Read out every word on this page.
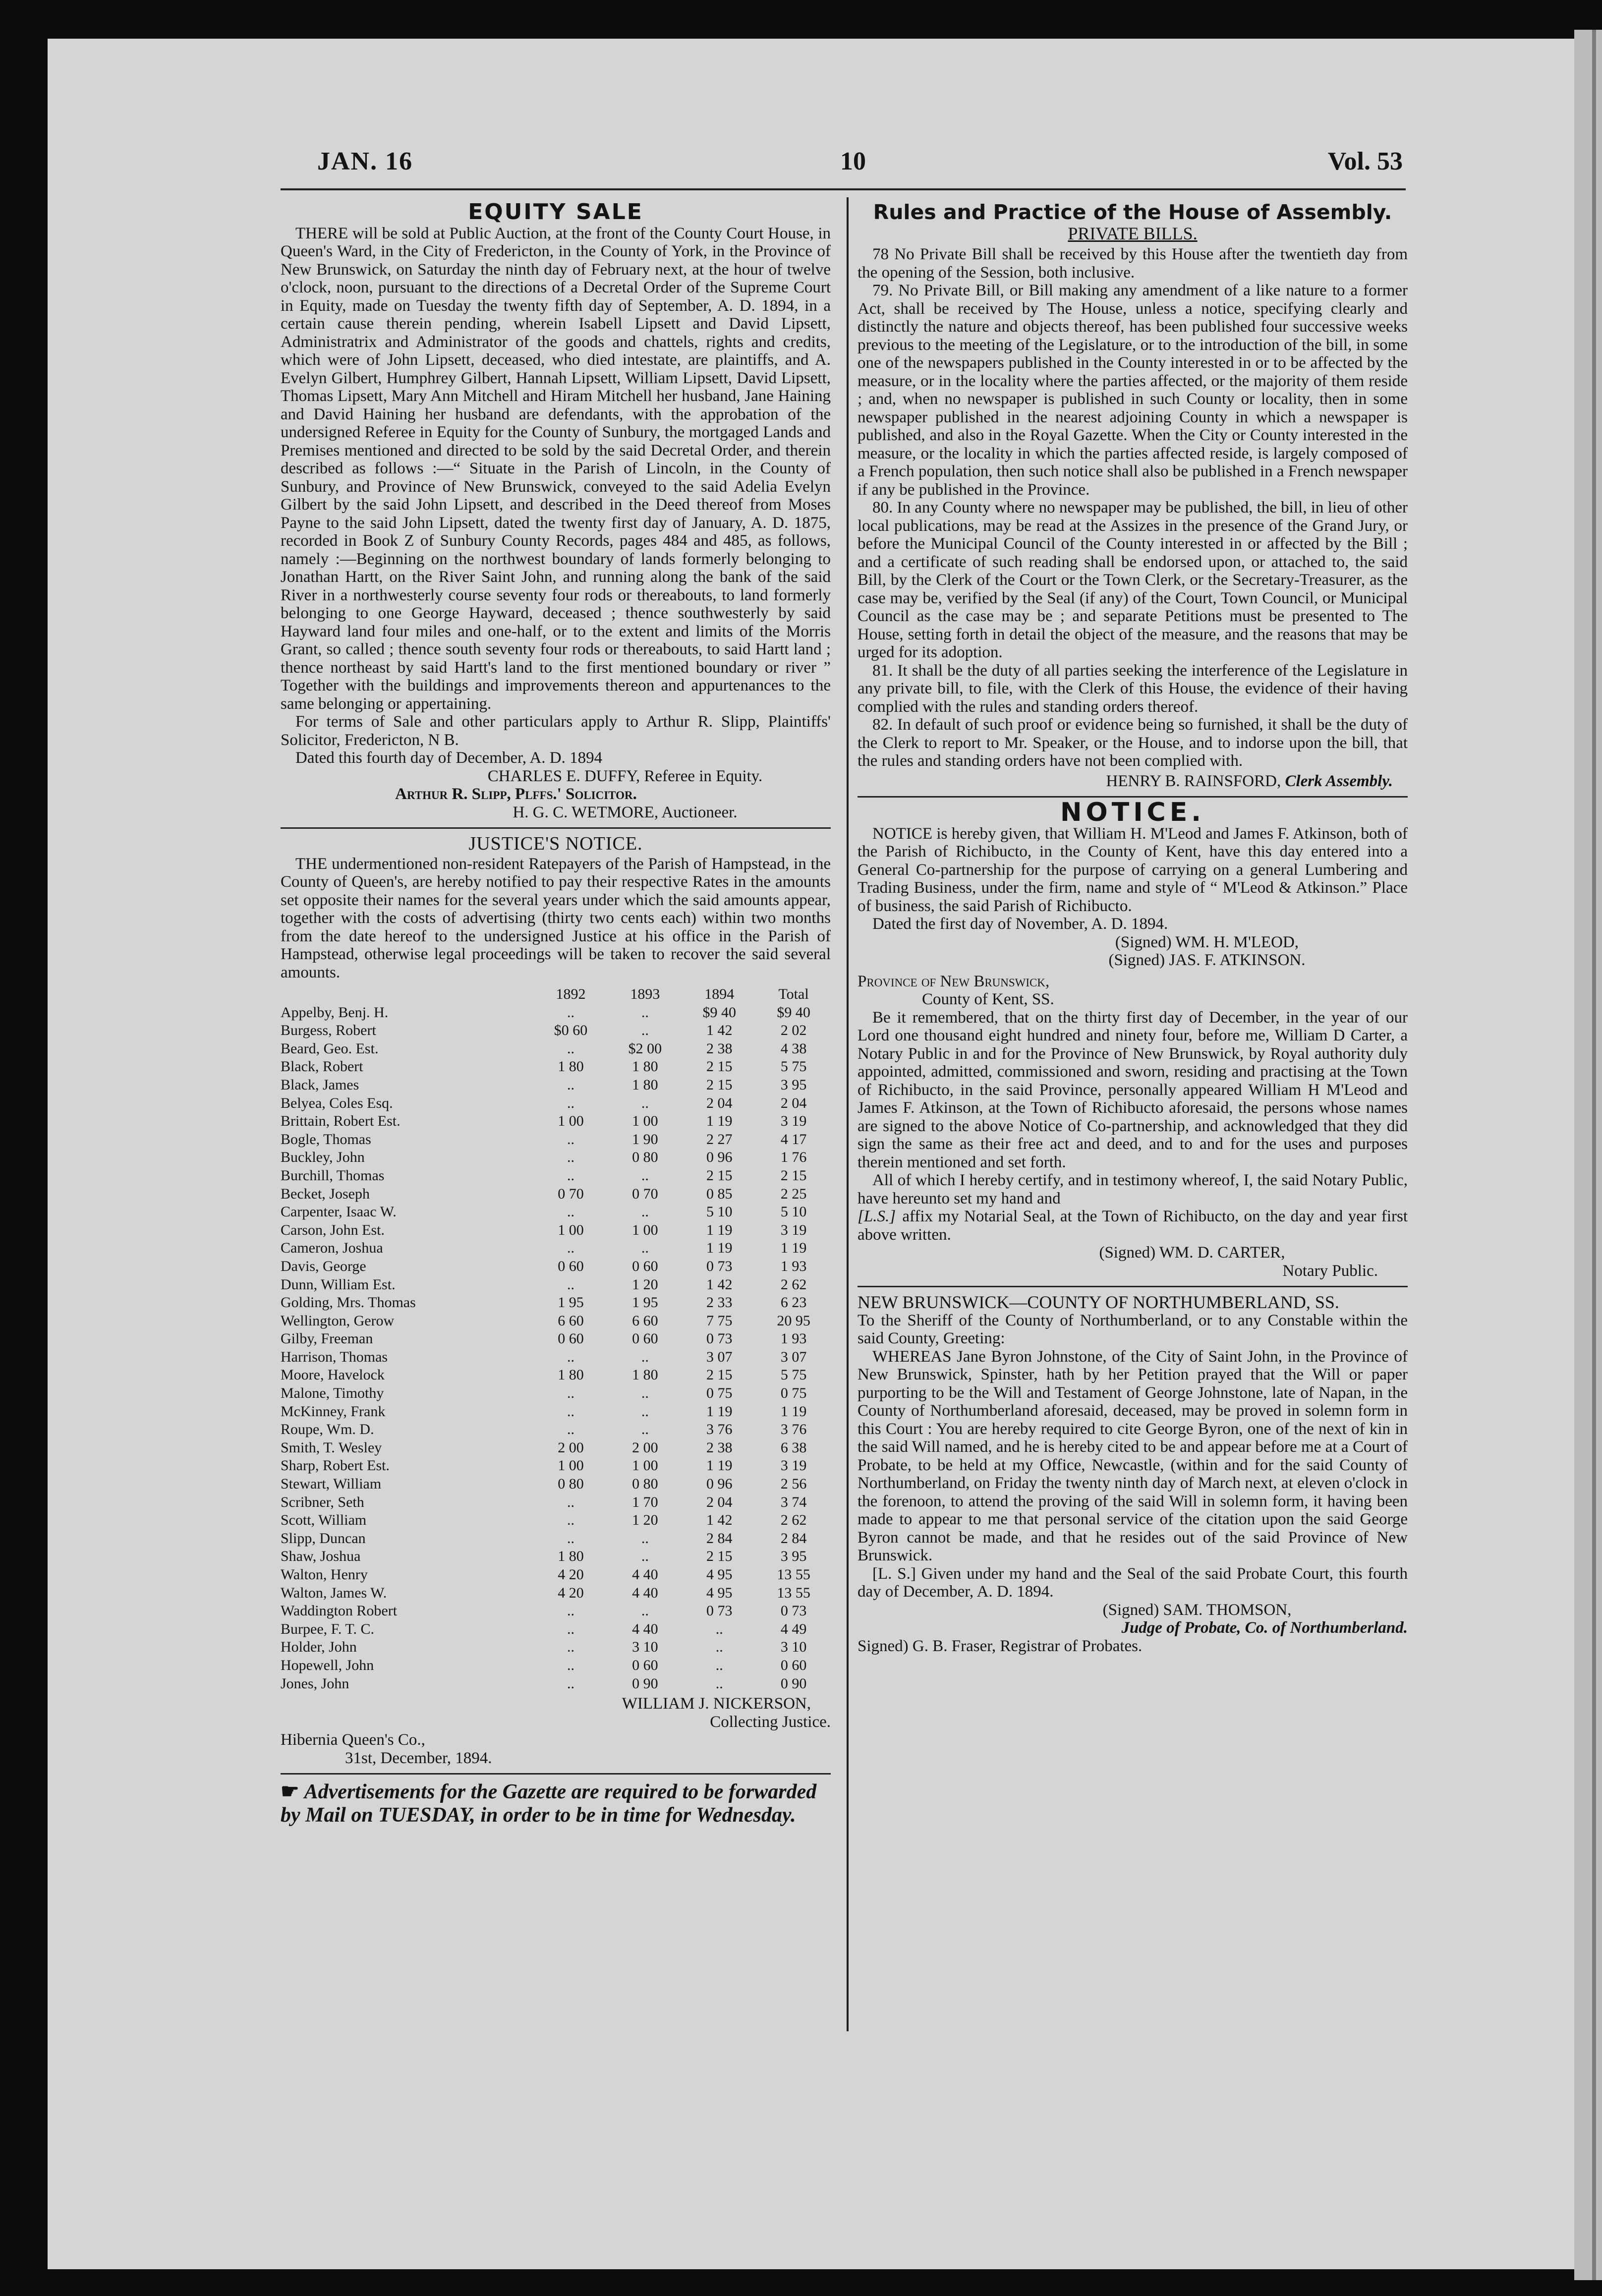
JAN. 16	10	Vol. 53
EQUITY SALE

THERE will be sold at Public Auction, at the front of the County Court House, in Queen's Ward, in the City of Fredericton, in the County of York, in the Province of New Brunswick, on Saturday the ninth day of February next, at the hour of twelve o'clock, noon, pursuant to the directions of a Decretal Order of the Supreme Court in Equity, made on Tuesday the twenty fifth day of September, A. D. 1894, in a certain cause therein pending, wherein Isabell Lipsett and David Lipsett, Administratrix and Administrator of the goods and chattels, rights and credits, which were of John Lipsett, deceased, who died intestate, are plaintiffs, and A. Evelyn Gilbert, Humphrey Gilbert, Hannah Lipsett, William Lipsett, David Lipsett, Thomas Lipsett, Mary Ann Mitchell and Hiram Mitchell her husband, Jane Haining and David Haining her husband are defendants, with the approbation of the undersigned Referee in Equity for the County of Sunbury, the mortgaged Lands and Premises mentioned and directed to be sold by the said Decretal Order, and therein described as follows :—“ Situate in the Parish of Lincoln, in the County of Sunbury, and Province of New Brunswick, conveyed to the said Adelia Evelyn Gilbert by the said John Lipsett, and described in the Deed thereof from Moses Payne to the said John Lipsett, dated the twenty first day of January, A. D. 1875, recorded in Book Z of Sunbury County Records, pages 484 and 485, as follows, namely :—Beginning on the northwest boundary of lands formerly belonging to Jonathan Hartt, on the River Saint John, and running along the bank of the said River in a northwesterly course seventy four rods or thereabouts, to land formerly belonging to one George Hayward, deceased ; thence southwesterly by said Hayward land four miles and one-half, or to the extent and limits of the Morris Grant, so called ; thence south seventy four rods or thereabouts, to said Hartt land ; thence northeast by said Hartt's land to the first mentioned boundary or river ” Together with the buildings and improvements thereon and appurtenances to the same belonging or appertaining.

For terms of Sale and other particulars apply to Arthur R. Slipp, Plaintiffs' Solicitor, Fredericton, N B.

Dated this fourth day of December, A. D. 1894

CHARLES E. DUFFY, Referee in Equity.

Arthur R. Slipp, Plffs.' Solicitor.

H. G. C. WETMORE, Auctioneer.

JUSTICE'S NOTICE.

THE undermentioned non-resident Ratepayers of the Parish of Hampstead, in the County of Queen's, are hereby notified to pay their respective Rates in the amounts set opposite their names for the several years under which the said amounts appear, together with the costs of advertising (thirty two cents each) within two months from the date hereof to the undersigned Justice at his office in the Parish of Hampstead, otherwise legal proceedings will be taken to recover the said several amounts.

	1892	1893	1894	Total
Appelby, Benj. H.	..	..	$9 40	$9 40
Burgess, Robert	$0 60	..	1 42	2 02
Beard, Geo. Est.	..	$2 00	2 38	4 38
Black, Robert	1 80	1 80	2 15	5 75
Black, James	..	1 80	2 15	3 95
Belyea, Coles Esq.	..	..	2 04	2 04
Brittain, Robert Est.	1 00	1 00	1 19	3 19
Bogle, Thomas	..	1 90	2 27	4 17
Buckley, John	..	0 80	0 96	1 76
Burchill, Thomas	..	..	2 15	2 15
Becket, Joseph	0 70	0 70	0 85	2 25
Carpenter, Isaac W.	..	..	5 10	5 10
Carson, John Est.	1 00	1 00	1 19	3 19
Cameron, Joshua	..	..	1 19	1 19
Davis, George	0 60	0 60	0 73	1 93
Dunn, William Est.	..	1 20	1 42	2 62
Golding, Mrs. Thomas	1 95	1 95	2 33	6 23
Wellington, Gerow	6 60	6 60	7 75	20 95
Gilby, Freeman	0 60	0 60	0 73	1 93
Harrison, Thomas	..	..	3 07	3 07
Moore, Havelock	1 80	1 80	2 15	5 75
Malone, Timothy	..	..	0 75	0 75
McKinney, Frank	..	..	1 19	1 19
Roupe, Wm. D.	..	..	3 76	3 76
Smith, T. Wesley	2 00	2 00	2 38	6 38
Sharp, Robert Est.	1 00	1 00	1 19	3 19
Stewart, William	0 80	0 80	0 96	2 56
Scribner, Seth	..	1 70	2 04	3 74
Scott, William	..	1 20	1 42	2 62
Slipp, Duncan	..	..	2 84	2 84
Shaw, Joshua	1 80	..	2 15	3 95
Walton, Henry	4 20	4 40	4 95	13 55
Walton, James W.	4 20	4 40	4 95	13 55
Waddington Robert	..	..	0 73	0 73
Burpee, F. T. C.	..	4 40	..	4 49
Holder, John	..	3 10	..	3 10
Hopewell, John	..	0 60	..	0 60
Jones, John	..	0 90	..	0 90

WILLIAM J. NICKERSON,

Collecting Justice.

Hibernia Queen's Co.,

31st, December, 1894.

☛ Advertisements for the Gazette are required to be forwarded by Mail on TUESDAY, in order to be in time for Wednesday.
Rules and Practice of the House of Assembly.
PRIVATE BILLS.

78 No Private Bill shall be received by this House after the twentieth day from the opening of the Session, both inclusive.

79. No Private Bill, or Bill making any amendment of a like nature to a former Act, shall be received by The House, unless a notice, specifying clearly and distinctly the nature and objects thereof, has been published four successive weeks previous to the meeting of the Legislature, or to the introduction of the bill, in some one of the newspapers published in the County interested in or to be affected by the measure, or in the locality where the parties affected, or the majority of them reside ; and, when no newspaper is published in such County or locality, then in some newspaper published in the nearest adjoining County in which a newspaper is published, and also in the Royal Gazette. When the City or County interested in the measure, or the locality in which the parties affected reside, is largely composed of a French population, then such notice shall also be published in a French newspaper if any be published in the Province.

80. In any County where no newspaper may be published, the bill, in lieu of other local publications, may be read at the Assizes in the presence of the Grand Jury, or before the Municipal Council of the County interested in or affected by the Bill ; and a certificate of such reading shall be endorsed upon, or attached to, the said Bill, by the Clerk of the Court or the Town Clerk, or the Secretary-Treasurer, as the case may be, verified by the Seal (if any) of the Court, Town Council, or Municipal Council as the case may be ; and separate Petitions must be presented to The House, setting forth in detail the object of the measure, and the reasons that may be urged for its adoption.

81. It shall be the duty of all parties seeking the interference of the Legislature in any private bill, to file, with the Clerk of this House, the evidence of their having complied with the rules and standing orders thereof.

82. In default of such proof or evidence being so furnished, it shall be the duty of the Clerk to report to Mr. Speaker, or the House, and to indorse upon the bill, that the rules and standing orders have not been complied with.

HENRY B. RAINSFORD, Clerk Assembly.

NOTICE.

NOTICE is hereby given, that William H. M'Leod and James F. Atkinson, both of the Parish of Richibucto, in the County of Kent, have this day entered into a General Co-partnership for the purpose of carrying on a general Lumbering and Trading Business, under the firm, name and style of “ M'Leod & Atkinson.” Place of business, the said Parish of Richibucto.

Dated the first day of November, A. D. 1894.

(Signed) WM. H. M'LEOD,

(Signed) JAS. F. ATKINSON.

Province of New Brunswick,

County of Kent, SS.

Be it remembered, that on the thirty first day of December, in the year of our Lord one thousand eight hundred and ninety four, before me, William D Carter, a Notary Public in and for the Province of New Brunswick, by Royal authority duly appointed, admitted, commissioned and sworn, residing and practising at the Town of Richibucto, in the said Province, personally appeared William H M'Leod and James F. Atkinson, at the Town of Richibucto aforesaid, the persons whose names are signed to the above Notice of Co-partnership, and acknowledged that they did sign the same as their free act and deed, and to and for the uses and purposes therein mentioned and set forth.

All of which I hereby certify, and in testimony whereof, I, the said Notary Public, have hereunto set my hand and

[L.S.] affix my Notarial Seal, at the Town of Richibucto, on the day and year first above written.

(Signed) WM. D. CARTER,

Notary Public.

NEW BRUNSWICK—COUNTY OF NORTHUMBERLAND, SS.

To the Sheriff of the County of Northumberland, or to any Constable within the said County, Greeting:

WHEREAS Jane Byron Johnstone, of the City of Saint John, in the Province of New Brunswick, Spinster, hath by her Petition prayed that the Will or paper purporting to be the Will and Testament of George Johnstone, late of Napan, in the County of Northumberland aforesaid, deceased, may be proved in solemn form in this Court : You are hereby required to cite George Byron, one of the next of kin in the said Will named, and he is hereby cited to be and appear before me at a Court of Probate, to be held at my Office, Newcastle, (within and for the said County of Northumberland, on Friday the twenty ninth day of March next, at eleven o'clock in the forenoon, to attend the proving of the said Will in solemn form, it having been made to appear to me that personal service of the citation upon the said George Byron cannot be made, and that he resides out of the said Province of New Brunswick.

[L. S.] Given under my hand and the Seal of the said Probate Court, this fourth day of December, A. D. 1894.

(Signed) SAM. THOMSON,

Judge of Probate, Co. of Northumberland.

Signed) G. B. Fraser, Registrar of Probates.
